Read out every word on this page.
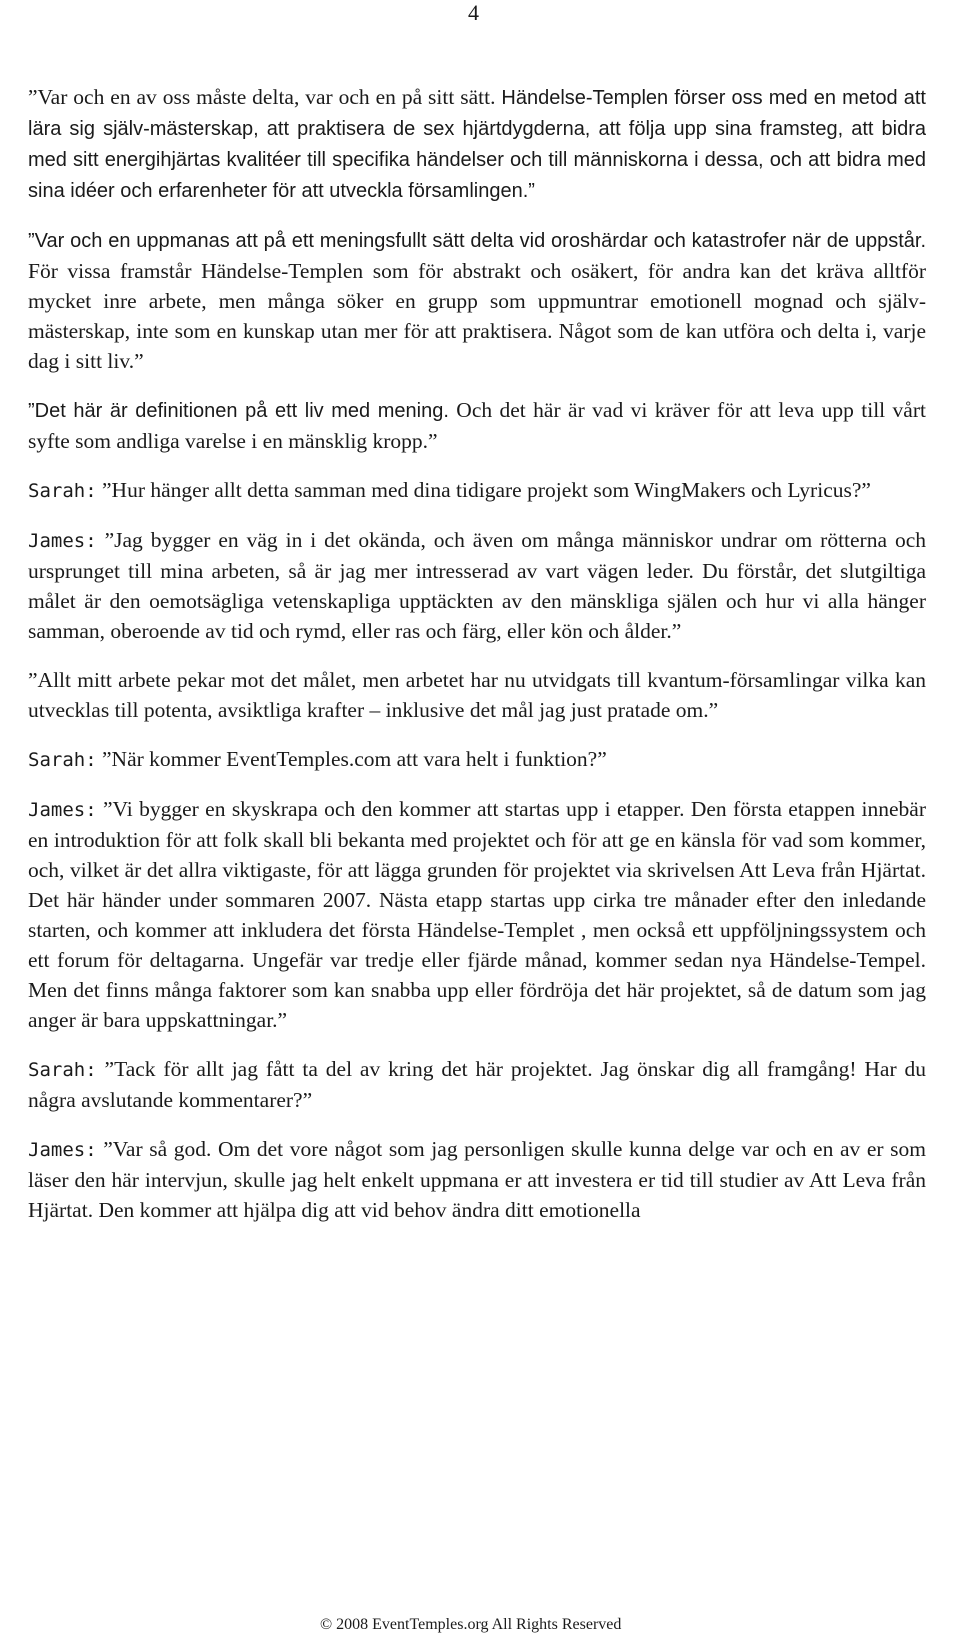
4

”Var och en av oss måste delta, var och en på sitt sätt. Händelse-Templen förser oss med en metod att lära sig själv-mästerskap, att praktisera de sex hjärtdygderna, att följa upp sina framsteg, att bidra med sitt energihjärtas kvalitéer till specifika händelser och till människorna i dessa, och att bidra med sina idéer och erfarenheter för att utveckla församlingen.”

”Var och en uppmanas att på ett meningsfullt sätt delta vid oroshärdar och katastrofer när de uppstår. För vissa framstår Händelse-Templen som för abstrakt och osäkert, för andra kan det kräva alltför mycket inre arbete, men många söker en grupp som uppmuntrar emotionell mognad och själv-mästerskap, inte som en kunskap utan mer för att praktisera. Något som de kan utföra och delta i, varje dag i sitt liv.”

”Det här är definitionen på ett liv med mening. Och det här är vad vi kräver för att leva upp till vårt syfte som andliga varelse i en mänsklig kropp.”

Sarah: ”Hur hänger allt detta samman med dina tidigare projekt som WingMakers och Lyricus?”

James: ”Jag bygger en väg in i det okända, och även om många människor undrar om rötterna och ursprunget till mina arbeten, så är jag mer intresserad av vart vägen leder. Du förstår, det slutgiltiga målet är den oemotsägliga vetenskapliga upptäckten av den mänskliga själen och hur vi alla hänger samman, oberoende av tid och rymd, eller ras och färg, eller kön och ålder.”

”Allt mitt arbete pekar mot det målet, men arbetet har nu utvidgats till kvantum-församlingar vilka kan utvecklas till potenta, avsiktliga krafter – inklusive det mål jag just pratade om.”

Sarah: ”När kommer EventTemples.com att vara helt i funktion?”

James: ”Vi bygger en skyskrapa och den kommer att startas upp i etapper. Den första etappen innebär en introduktion för att folk skall bli bekanta med projektet och för att ge en känsla för vad som kommer, och, vilket är det allra viktigaste, för att lägga grunden för projektet via skrivelsen Att Leva från Hjärtat. Det här händer under sommaren 2007. Nästa etapp startas upp cirka tre månader efter den inledande starten, och kommer att inkludera det första Händelse-Templet , men också ett uppföljningssystem och ett forum för deltagarna. Ungefär var tredje eller fjärde månad, kommer sedan nya Händelse-Tempel. Men det finns många faktorer som kan snabba upp eller fördröja det här projektet, så de datum som jag anger är bara uppskattningar.”

Sarah: ”Tack för allt jag fått ta del av kring det här projektet. Jag önskar dig all framgång! Har du några avslutande kommentarer?”

James: ”Var så god. Om det vore något som jag personligen skulle kunna delge var och en av er som läser den här intervjun, skulle jag helt enkelt uppmana er att investera er tid till studier av Att Leva från Hjärtat. Den kommer att hjälpa dig att vid behov ändra ditt emotionella

© 2008 EventTemples.org All Rights Reserved
